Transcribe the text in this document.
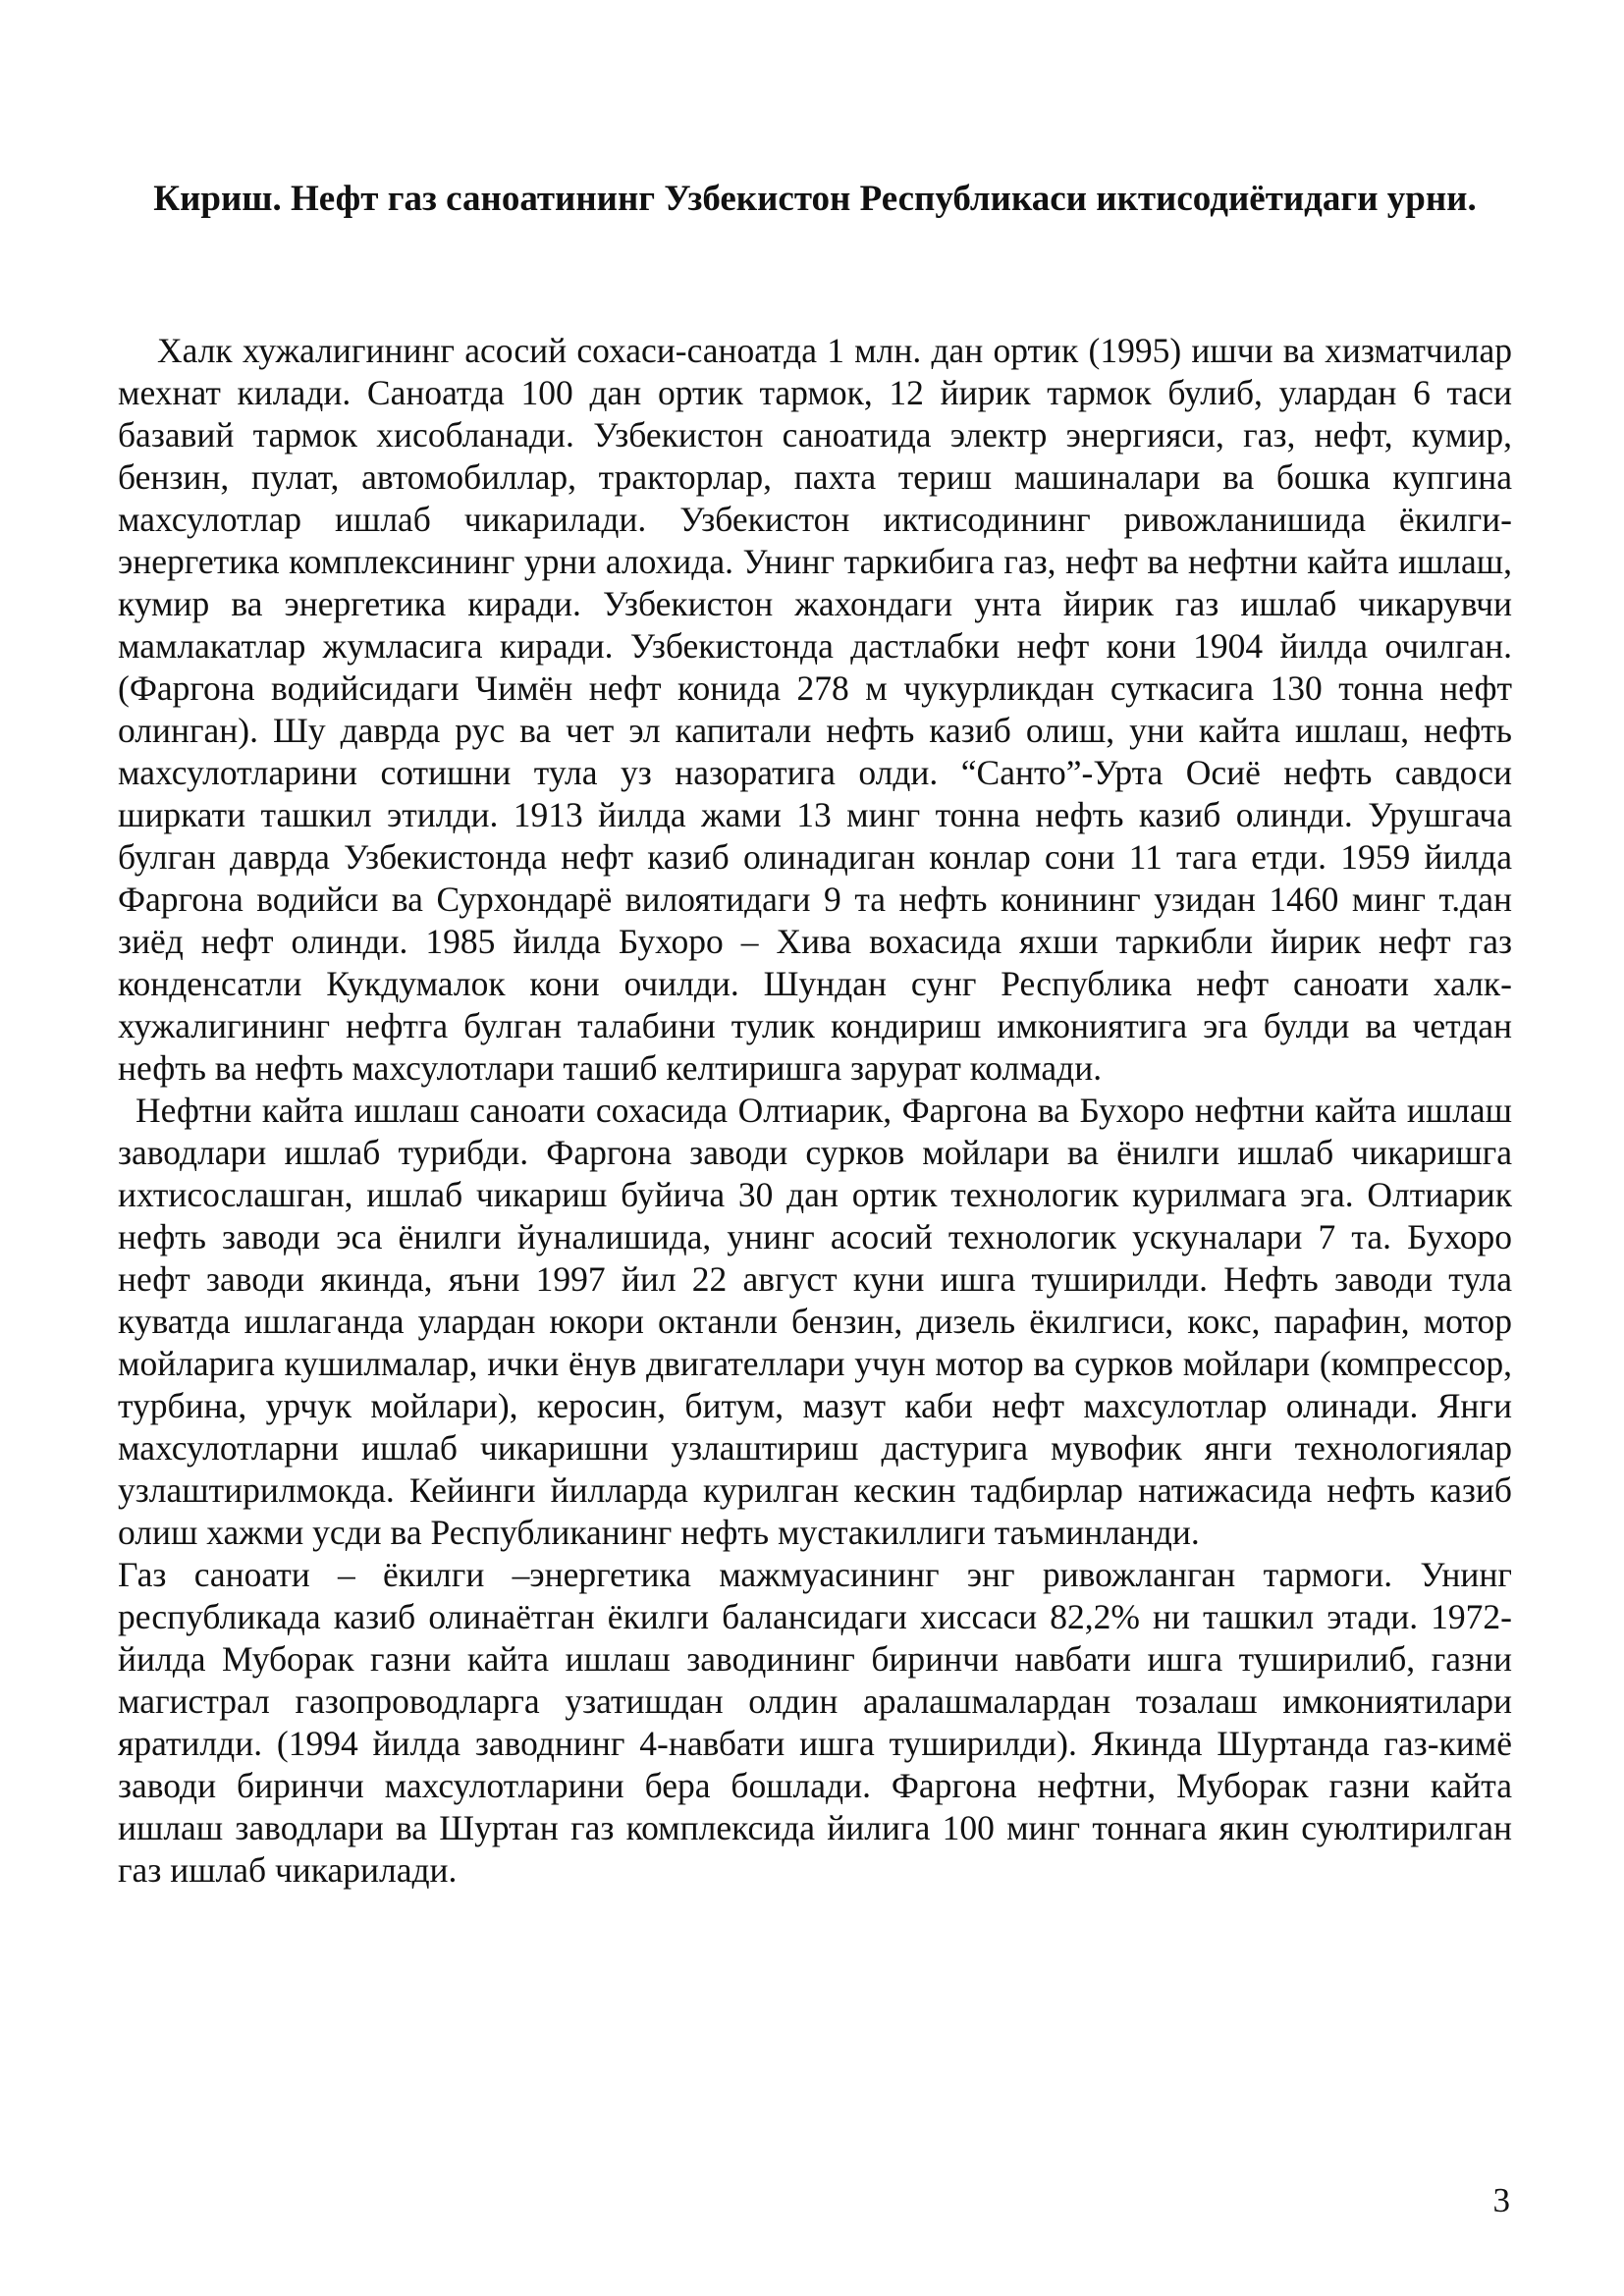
Кириш. Нефт газ саноатининг Узбекистон Республикаси иктисодиётидаги урни.

Халк хужалигининг асосий сохаси-саноатда 1 млн. дан ортик (1995) ишчи ва хизматчилар мехнат килади. Саноатда 100 дан ортик тармок, 12 йирик тармок булиб, улардан 6 таси базавий тармок хисобланади. Узбекистон саноатида электр энергияси, газ, нефт, кумир, бензин, пулат, автомобиллар, тракторлар, пахта териш машиналари ва бошка купгина махсулотлар ишлаб чикарилади. Узбекистон иктисодининг ривожланишида ёкилги-энергетика комплексининг урни алохида. Унинг таркибига газ, нефт ва нефтни кайта ишлаш, кумир ва энергетика киради. Узбекистон жахондаги унта йирик газ ишлаб чикарувчи мамлакатлар жумласига киради. Узбекистонда дастлабки нефт кони 1904 йилда очилган. (Фаргона водийсидаги Чимён нефт конида 278 м чукурликдан суткасига 130 тонна нефт олинган). Шу даврда рус ва чет эл капитали нефть казиб олиш, уни кайта ишлаш, нефть махсулотларини сотишни тула уз назоратига олди. “Санто”-Урта Осиё нефть савдоси ширкати ташкил этилди. 1913 йилда жами 13 минг тонна нефть казиб олинди. Урушгача булган даврда Узбекистонда нефт казиб олинадиган конлар сони 11 тага етди. 1959 йилда Фаргона водийси ва Сурхондарё вилоятидаги 9 та нефть конининг узидан 1460 минг т.дан зиёд нефт олинди. 1985 йилда Бухоро – Хива вохасида яхши таркибли йирик нефт газ конденсатли Кукдумалок кони очилди. Шундан сунг Республика нефт саноати халк-хужалигининг нефтга булган талабини тулик кондириш имкониятига эга булди ва четдан нефть ва нефть махсулотлари ташиб келтиришга зарурат колмади.

Нефтни кайта ишлаш саноати сохасида Олтиарик, Фаргона ва Бухоро нефтни кайта ишлаш заводлари ишлаб турибди. Фаргона заводи сурков мойлари ва ёнилги ишлаб чикаришга ихтисослашган, ишлаб чикариш буйича 30 дан ортик технологик курилмага эга. Олтиарик нефть заводи эса ёнилги йуналишида, унинг асосий технологик ускуналари 7 та. Бухоро нефт заводи якинда, яъни 1997 йил 22 август куни ишга туширилди. Нефть заводи тула куватда ишлаганда улардан юкори октанли бензин, дизель ёкилгиси, кокс, парафин, мотор мойларига кушилмалар, ички ёнув двигателлари учун мотор ва сурков мойлари (компрессор, турбина, урчук мойлари), керосин, битум, мазут каби нефт махсулотлар олинади. Янги махсулотларни ишлаб чикаришни узлаштириш дастурига мувофик янги технологиялар узлаштирилмокда. Кейинги йилларда курилган кескин тадбирлар натижасида нефть казиб олиш хажми усди ва Республиканинг нефть мустакиллиги таъминланди.

Газ саноати – ёкилги –энергетика мажмуасининг энг ривожланган тармоги. Унинг республикада казиб олинаётган ёкилги балансидаги хиссаси 82,2% ни ташкил этади. 1972- йилда Муборак газни кайта ишлаш заводининг биринчи навбати ишга туширилиб, газни магистрал газопроводларга узатишдан олдин аралашмалардан тозалаш имкониятилари яратилди. (1994 йилда заводнинг 4-навбати ишга туширилди). Якинда Шуртанда газ-кимё заводи биринчи махсулотларини бера бошлади. Фаргона нефтни, Муборак газни кайта ишлаш заводлари ва Шуртан газ комплексида йилига 100 минг тоннага якин суюлтирилган газ ишлаб чикарилади.

3
